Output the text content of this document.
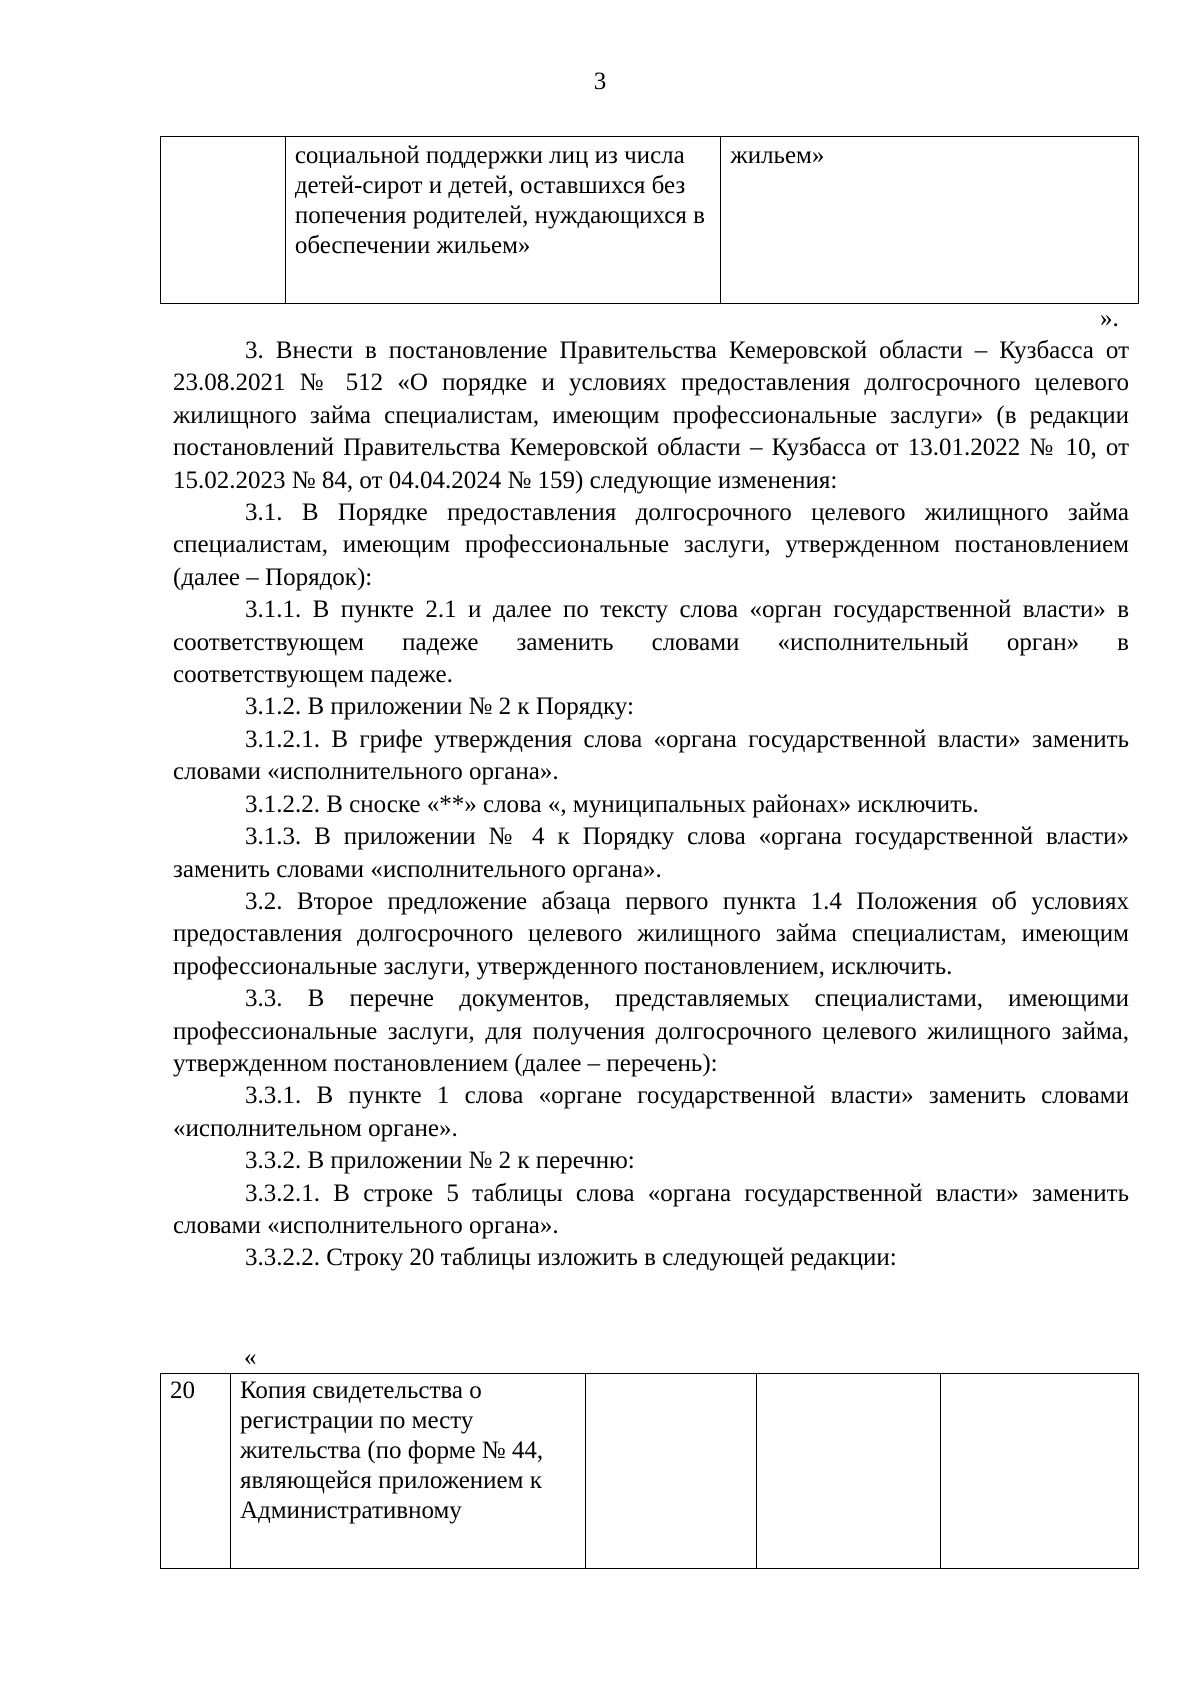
3
	социальной поддержки лиц из числа детей-сирот и детей, оставшихся без попечения родителей, нуждающихся в обеспечении жильем»	жильем»
».

3. Внести в постановление Правительства Кемеровской области – Кузбасса от 23.08.2021 № 512 «О порядке и условиях предоставления долгосрочного целевого жилищного займа специалистам, имеющим профессиональные заслуги» (в редакции постановлений Правительства Кемеровской области – Кузбасса от 13.01.2022 № 10, от 15.02.2023 № 84, от 04.04.2024 № 159) следующие изменения:

3.1. В Порядке предоставления долгосрочного целевого жилищного займа специалистам, имеющим профессиональные заслуги, утвержденном постановлением (далее – Порядок):

3.1.1. В пункте 2.1 и далее по тексту слова «орган государственной власти» в соответствующем падеже заменить словами «исполнительный орган» в соответствующем падеже.

3.1.2. В приложении № 2 к Порядку:

3.1.2.1. В грифе утверждения слова «органа государственной власти» заменить словами «исполнительного органа».

3.1.2.2. В сноске «**» слова «, муниципальных районах» исключить.

3.1.3. В приложении № 4 к Порядку слова «органа государственной власти» заменить словами «исполнительного органа».

3.2. Второе предложение абзаца первого пункта 1.4 Положения об условиях предоставления долгосрочного целевого жилищного займа специалистам, имеющим профессиональные заслуги, утвержденного постановлением, исключить.

3.3. В перечне документов, представляемых специалистами, имеющими профессиональные заслуги, для получения долгосрочного целевого жилищного займа, утвержденном постановлением (далее – перечень):

3.3.1. В пункте 1 слова «органе государственной власти» заменить словами «исполнительном органе».

3.3.2. В приложении № 2 к перечню:

3.3.2.1. В строке 5 таблицы слова «органа государственной власти» заменить словами «исполнительного органа».

3.3.2.2. Строку 20 таблицы изложить в следующей редакции:

«
20	Копия свидетельства о регистрации по месту жительства (по форме № 44, являющейся приложением к Административному			
